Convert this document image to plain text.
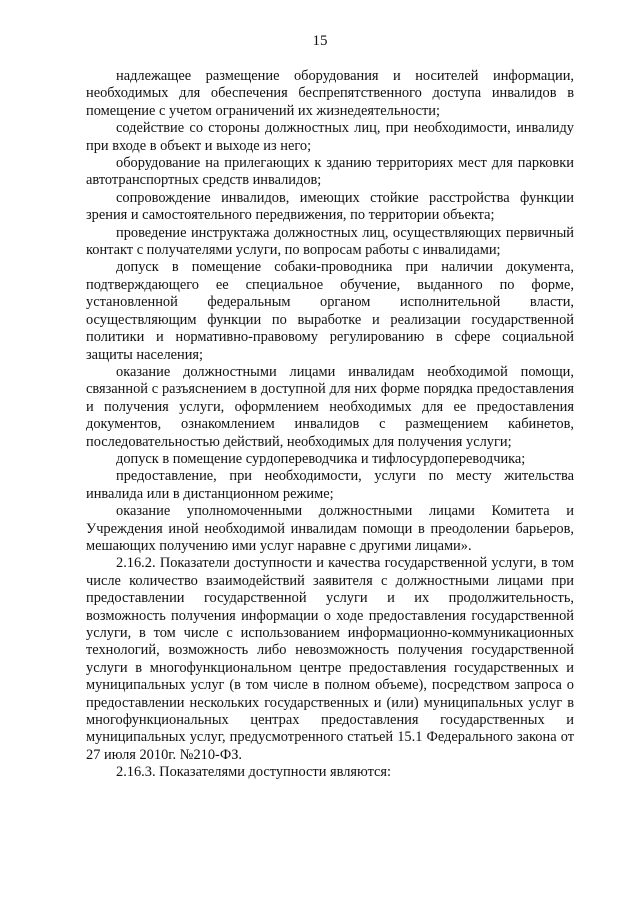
15

надлежащее размещение оборудования и носителей информации, необходимых для обеспечения беспрепятственного доступа инвалидов в помещение с учетом ограничений их жизнедеятельности;

содействие со стороны должностных лиц, при необходимости, инвалиду при входе в объект и выходе из него;

оборудование на прилегающих к зданию территориях мест для парковки автотранспортных средств инвалидов;

сопровождение инвалидов, имеющих стойкие расстройства функции зрения и самостоятельного передвижения, по территории объекта;

проведение инструктажа должностных лиц, осуществляющих первичный контакт с получателями услуги, по вопросам работы с инвалидами;

допуск в помещение собаки-проводника при наличии документа, подтверждающего ее специальное обучение, выданного по форме, установленной федеральным органом исполнительной власти, осуществляющим функции по выработке и реализации государственной политики и нормативно-правовому регулированию в сфере социальной защиты населения;

оказание должностными лицами инвалидам необходимой помощи, связанной с разъяснением в доступной для них форме порядка предоставления и получения услуги, оформлением необходимых для ее предоставления документов, ознакомлением инвалидов с размещением кабинетов, последовательностью действий, необходимых для получения услуги;

допуск в помещение сурдопереводчика и тифлосурдопереводчика;

предоставление, при необходимости, услуги по месту жительства инвалида или в дистанционном режиме;

оказание уполномоченными должностными лицами Комитета и Учреждения иной необходимой инвалидам помощи в преодолении барьеров, мешающих получению ими услуг наравне с другими лицами».

2.16.2. Показатели доступности и качества государственной услуги, в том числе количество взаимодействий заявителя с должностными лицами при предоставлении государственной услуги и их продолжительность, возможность получения информации о ходе предоставления государственной услуги, в том числе с использованием информационно-коммуникационных технологий, возможность либо невозможность получения государственной услуги в многофункциональном центре предоставления государственных и муниципальных услуг (в том числе в полном объеме), посредством запроса о предоставлении нескольких государственных и (или) муниципальных услуг в многофункциональных центрах предоставления государственных и муниципальных услуг, предусмотренного статьей 15.1 Федерального закона от 27 июля 2010г. №210-ФЗ.

2.16.3. Показателями доступности являются:
